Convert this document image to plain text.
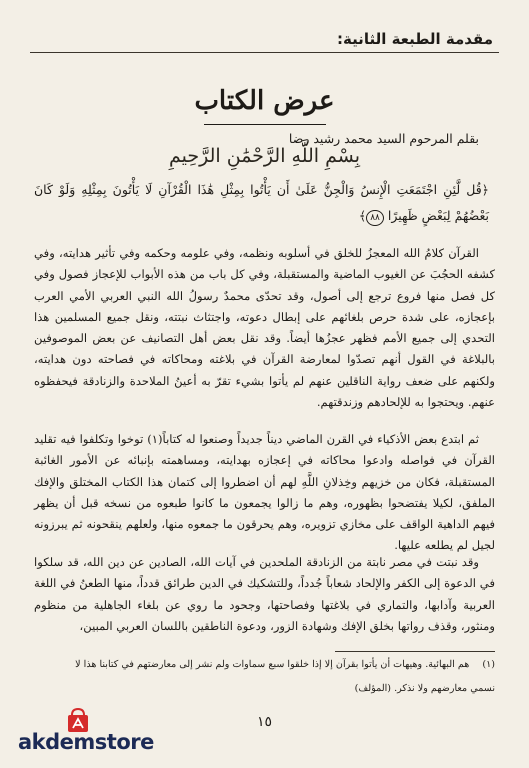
مقدمة الطبعة الثانية:
عرض الكتاب
بقلم المرحوم السيد محمد رشيد رضا
بِسْمِ اللَّهِ الرَّحْمَٰنِ الرَّحِيمِ
﴿قُل لَّئِنِ اجْتَمَعَتِ الْإِنسُ وَالْجِنُّ عَلَىٰ أَن يَأْتُوا بِمِثْلِ هَٰذَا الْقُرْآنِ لَا يَأْتُونَ بِمِثْلِهِ وَلَوْ كَانَ بَعْضُهُمْ لِبَعْضٍ ظَهِيرًا ٨٨﴾
القرآن كلامُ الله المعجزُ للخلق في أسلوبه ونظمه، وفي علومه وحكمه وفي تأثير هدايته، وفي كشفه الحجُبَ عن الغيوب الماضية والمستقبلة، وفي كل باب من هذه الأبواب للإعجاز فصول وفي كل فصل منها فروع ترجع إلى أصول، وقد تحدّى محمدٌ رسولُ الله النبي العربي الأمي العرب بإعجازه، على شدة حرص بلغائهم على إبطال دعوته، واجتثاث نبتته، ونقل جميع المسلمين هذا التحدي إلى جميع الأمم فظهر عجزُها أيضاً. وقد نقل بعض أهل التصانيف عن بعض الموصوفين بالبلاغة في القول أنهم تصدّوا لمعارضة القرآن في بلاغته ومحاكاته في فصاحته دون هدايته، ولكنهم على ضعف رواية الناقلين عنهم لم يأتوا بشيء تقرّ به أعينُ الملاحدة والزنادقة فيحفظوه عنهم. ويحتجوا به للإلحادهم وزندقتهم.
ثم ابتدع بعض الأذكياء في القرن الماضي ديناً جديداً وصنعوا له كتاباً(١) توخوا وتكلفوا فيه تقليد القرآن في فواصله وادعوا محاكاته في إعجازه بهدايته، ومساهمته بإنبائه عن الأمور الغائبة المستقبلة، فكان من خزيهم وخِذلانِ اللَّهِ لهم أن اضطروا إلى كتمان هذا الكتاب المختلق والإفك الملفق، لكيلا يفتضحوا بظهوره، وهم ما زالوا يجمعون ما كانوا طبعوه من نسخه قبل أن يظهر فيهم الداهية الواقف على مخازي تزويره، وهم يحرقون ما جمعوه منها، ولعلهم ينقحونه ثم يبرزونه لجيل لم يطلعه عليها.
وقد نبتت في مصر نابتة من الزنادقة الملحدين في آيات الله، الصادين عن دين الله، قد سلكوا في الدعوة إلى الكفر والإلحاد شعاباً جُدداً، وللتشكيك في الدين طرائق قدداً، منها الطعنُ في اللغة العربية وآدابها، والتماري في بلاغتها وفصاحتها، وجحود ما روي عن بلغاء الجاهلية من منظوم ومنثور، وقذف رواتها بخلق الإفك وشهادة الزور، ودعوة الناطقين باللسان العربي المبين،
(١) هم البهائية. وهيهات أن يأتوا بقرآن إلا إذا خلقوا سبع سماوات ولم نشر إلى معارضتهم في كتابنا هذا لا
نسمي معارضهم ولا نذكر. (المؤلف)
١٥
akdemstore
